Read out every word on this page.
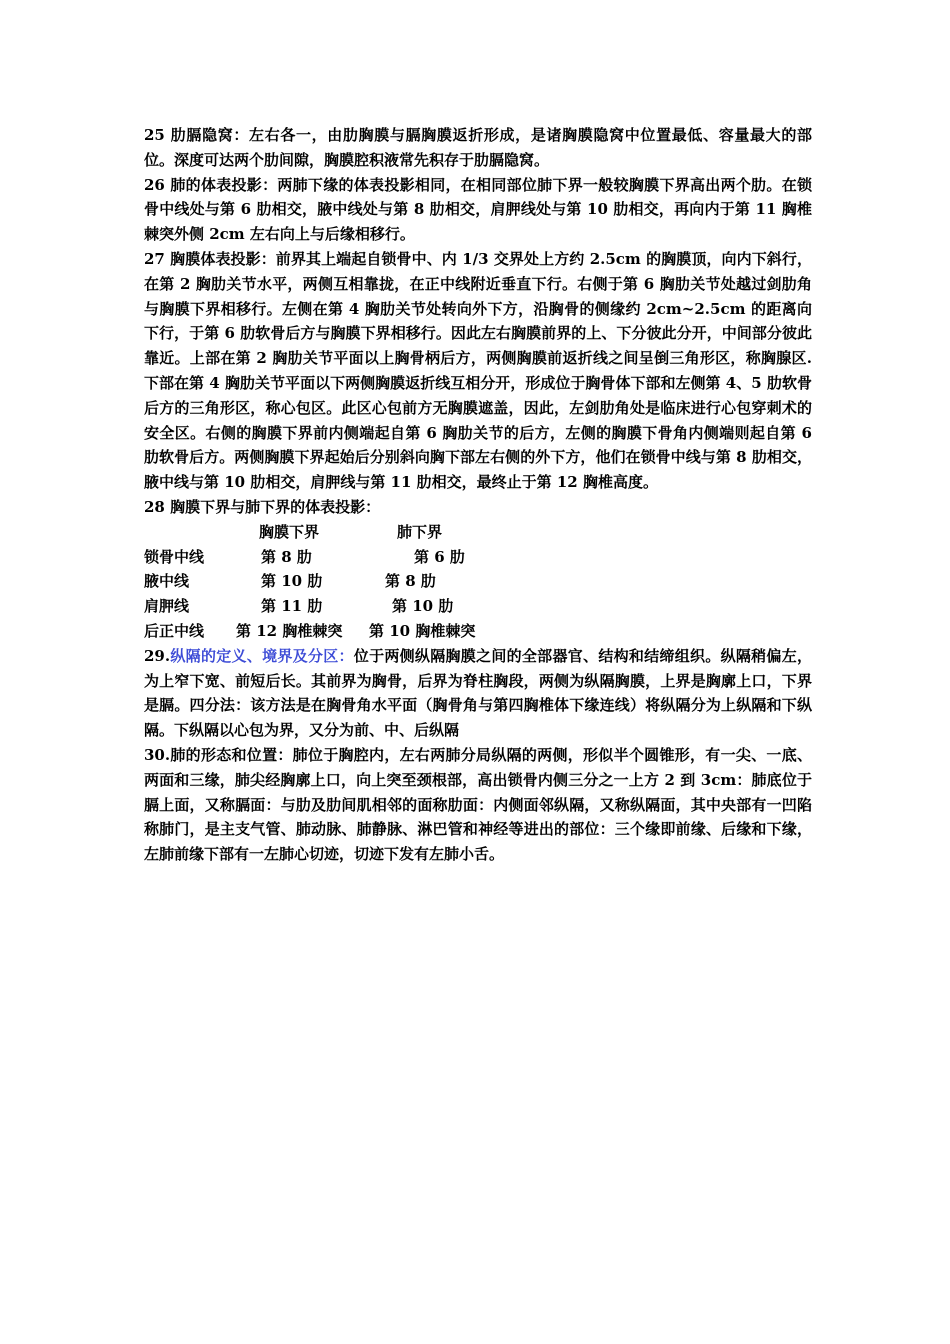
25 肋膈隐窝：左右各一，由肋胸膜与膈胸膜返折形成，是诸胸膜隐窝中位置最低、容量最大的部位。深度可达两个肋间隙，胸膜腔积液常先积存于肋膈隐窝。

26 肺的体表投影：两肺下缘的体表投影相同，在相同部位肺下界一般较胸膜下界高出两个肋。在锁骨中线处与第 6 肋相交，腋中线处与第 8 肋相交，肩胛线处与第 10 肋相交，再向内于第 11 胸椎棘突外侧 2cm 左右向上与后缘相移行。

27 胸膜体表投影：前界其上端起自锁骨中、内 1/3 交界处上方约 2.5cm 的胸膜顶，向内下斜行，在第 2 胸肋关节水平，两侧互相靠拢，在正中线附近垂直下行。右侧于第 6 胸肋关节处越过剑肋角与胸膜下界相移行。左侧在第 4 胸肋关节处转向外下方，沿胸骨的侧缘约 2cm~2.5cm 的距离向下行，于第 6 肋软骨后方与胸膜下界相移行。因此左右胸膜前界的上、下分彼此分开，中间部分彼此靠近。上部在第 2 胸肋关节平面以上胸骨柄后方，两侧胸膜前返折线之间呈倒三角形区，称胸腺区.下部在第 4 胸肋关节平面以下两侧胸膜返折线互相分开，形成位于胸骨体下部和左侧第 4、5 肋软骨后方的三角形区，称心包区。此区心包前方无胸膜遮盖，因此，左剑肋角处是临床进行心包穿刺术的安全区。右侧的胸膜下界前内侧端起自第 6 胸肋关节的后方，左侧的胸膜下骨角内侧端则起自第 6 肋软骨后方。两侧胸膜下界起始后分别斜向胸下部左右侧的外下方，他们在锁骨中线与第 8 肋相交，腋中线与第 10 肋相交，肩胛线与第 11 肋相交，最终止于第 12 胸椎高度。

28 胸膜下界与肺下界的体表投影：

胸膜下界	肺下界
锁骨中线	第 8 肋	第 6 肋
腋中线	第 10 肋	第 8 肋
肩胛线	第 11 肋	第 10 肋
后正中线 第 12 胸椎棘突 第 10 胸椎棘突

29.纵隔的定义、境界及分区：位于两侧纵隔胸膜之间的全部器官、结构和结缔组织。纵隔稍偏左，为上窄下宽、前短后长。其前界为胸骨，后界为脊柱胸段，两侧为纵隔胸膜，上界是胸廓上口，下界是膈。四分法：该方法是在胸骨角水平面（胸骨角与第四胸椎体下缘连线）将纵隔分为上纵隔和下纵隔。下纵隔以心包为界，又分为前、中、后纵隔

30.肺的形态和位置：肺位于胸腔内，左右两肺分局纵隔的两侧，形似半个圆锥形，有一尖、一底、两面和三缘，肺尖经胸廓上口，向上突至颈根部，高出锁骨内侧三分之一上方 2 到 3cm：肺底位于膈上面，又称膈面：与肋及肋间肌相邻的面称肋面：内侧面邻纵隔，又称纵隔面，其中央部有一凹陷称肺门，是主支气管、肺动脉、肺静脉、淋巴管和神经等进出的部位：三个缘即前缘、后缘和下缘，左肺前缘下部有一左肺心切迹，切迹下发有左肺小舌。
